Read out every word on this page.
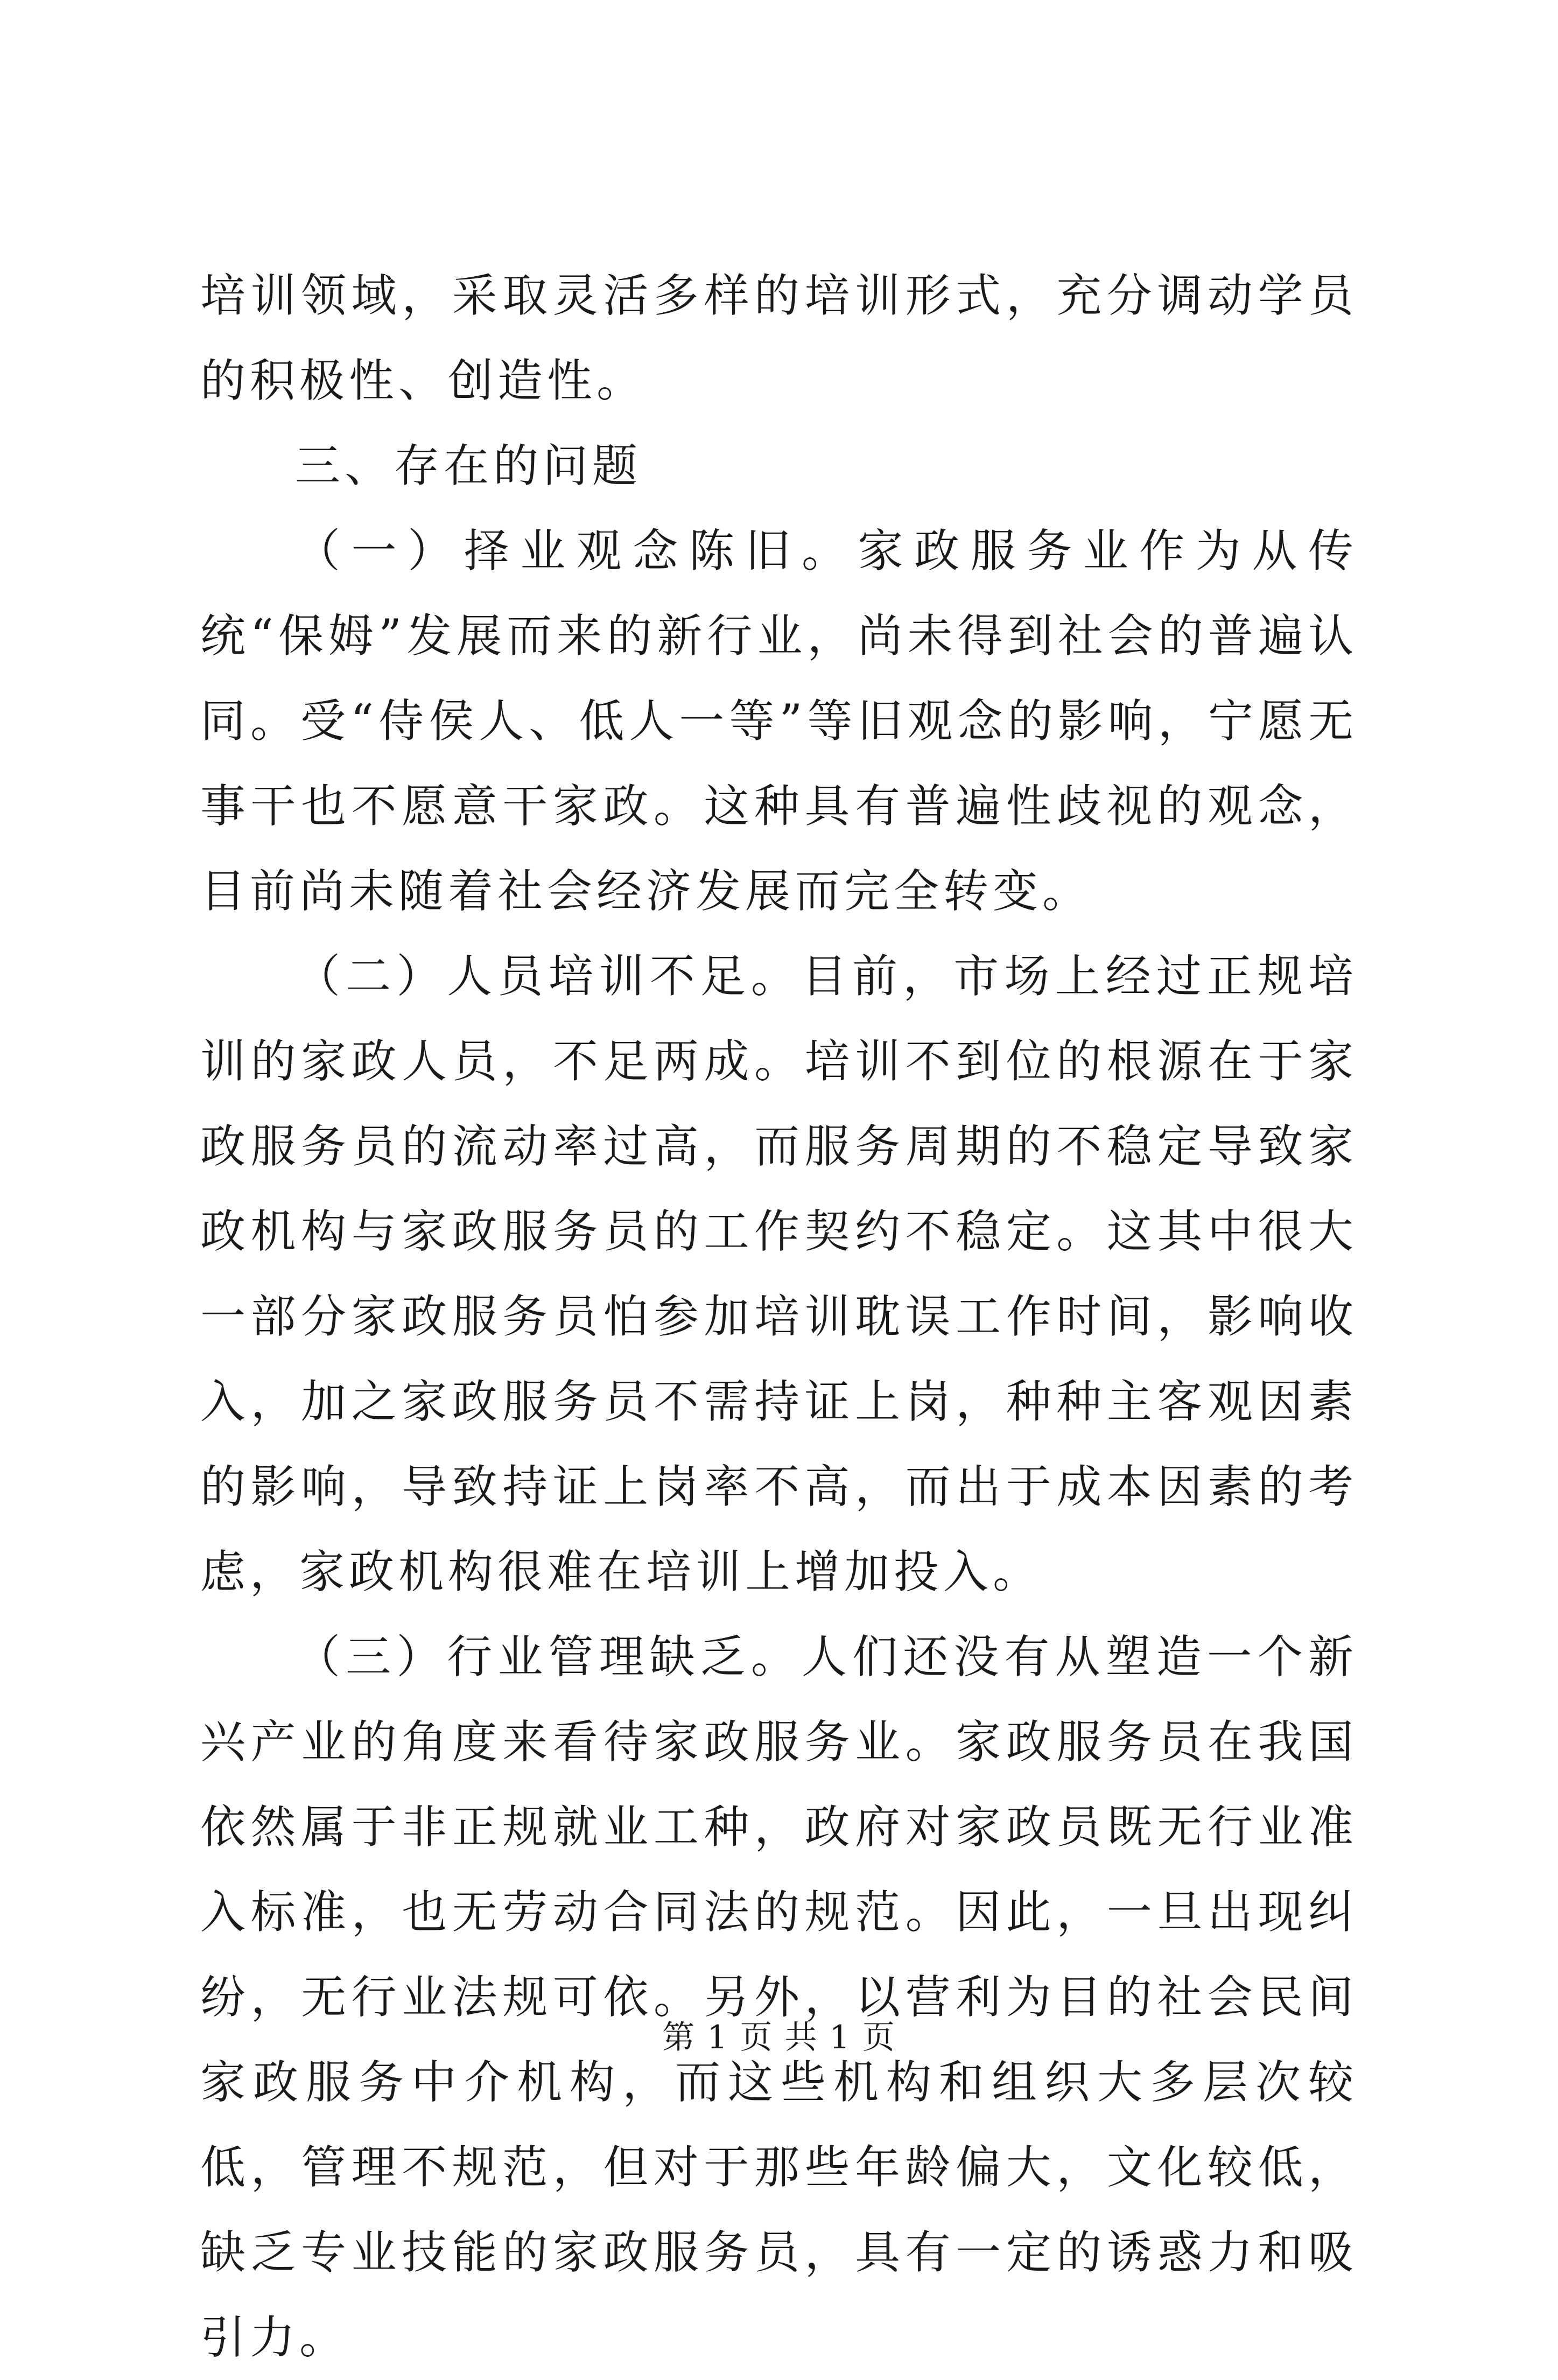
培训领域，采取灵活多样的培训形式，充分调动学员的积极性、创造性。

三、存在的问题

（一）择业观念陈旧。家政服务业作为从传统“保姆”发展而来的新行业，尚未得到社会的普遍认同。受“侍侯人、低人一等”等旧观念的影响，宁愿无事干也不愿意干家政。这种具有普遍性歧视的观念，目前尚未随着社会经济发展而完全转变。

（二）人员培训不足。目前，市场上经过正规培训的家政人员，不足两成。培训不到位的根源在于家政服务员的流动率过高，而服务周期的不稳定导致家政机构与家政服务员的工作契约不稳定。这其中很大一部分家政服务员怕参加培训耽误工作时间，影响收入，加之家政服务员不需持证上岗，种种主客观因素的影响，导致持证上岗率不高，而出于成本因素的考虑，家政机构很难在培训上增加投入。

（三）行业管理缺乏。人们还没有从塑造一个新兴产业的角度来看待家政服务业。家政服务员在我国依然属于非正规就业工种，政府对家政员既无行业准入标准，也无劳动合同法的规范。因此，一旦出现纠纷，无行业法规可依。另外，以营利为目的社会民间家政服务中介机构，而这些机构和组织大多层次较低，管理不规范，但对于那些年龄偏大，文化较低，缺乏专业技能的家政服务员，具有一定的诱惑力和吸引力。

第 1 页 共 1 页
